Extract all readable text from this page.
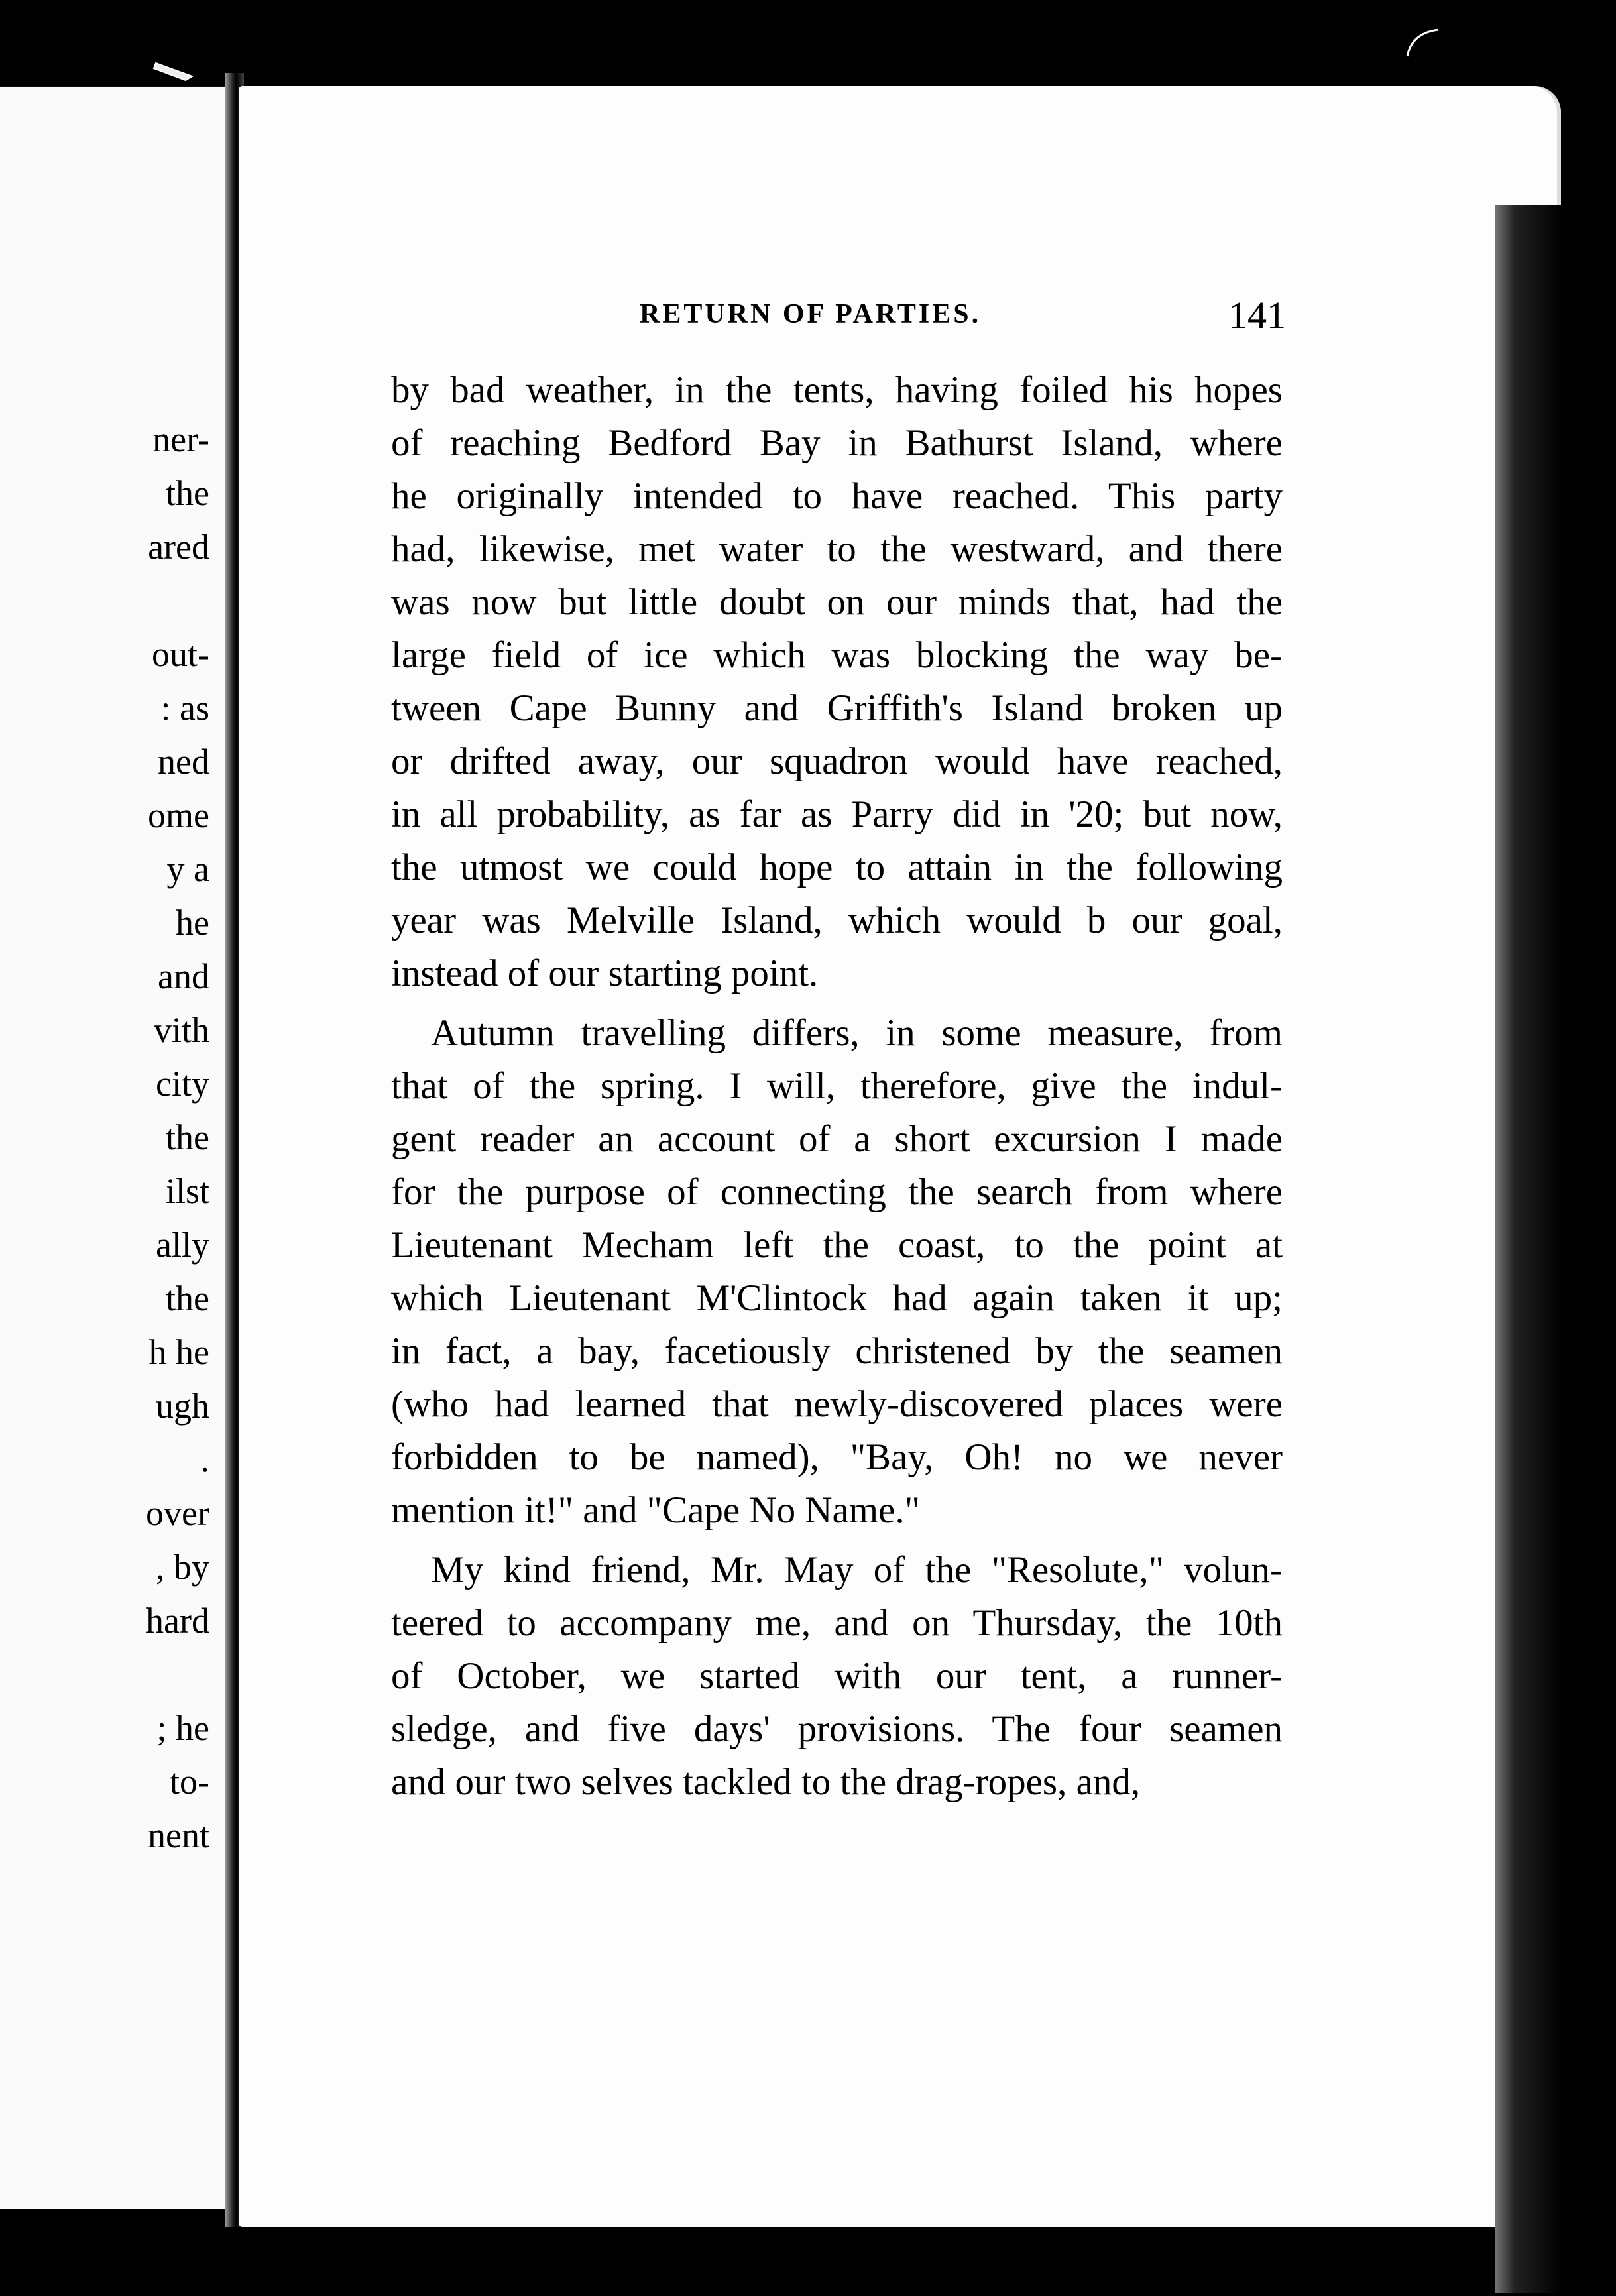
ner-
the
ared
out-
: as
ned
ome
y a
he
and
vith
city
the
ilst
ally
the
h he
ugh
.
over
, by
hard
; he
to-
nent
RETURN OF PARTIES.	141
by bad weather, in the tents, having foiled his hopes
of reaching Bedford Bay in Bathurst Island, where
he originally intended to have reached. This party
had, likewise, met water to the westward, and there
was now but little doubt on our minds that, had the
large field of ice which was blocking the way be-
tween Cape Bunny and Griffith's Island broken up
or drifted away, our squadron would have reached,
in all probability, as far as Parry did in '20; but now,
the utmost we could hope to attain in the following
year was Melville Island, which would b our goal,
instead of our starting point.
Autumn travelling differs, in some measure, from
that of the spring. I will, therefore, give the indul-
gent reader an account of a short excursion I made
for the purpose of connecting the search from where
Lieutenant Mecham left the coast, to the point at
which Lieutenant M'Clintock had again taken it up;
in fact, a bay, facetiously christened by the seamen
(who had learned that newly-discovered places were
forbidden to be named), "Bay, Oh! no we never
mention it!" and "Cape No Name."
My kind friend, Mr. May of the "Resolute," volun-
teered to accompany me, and on Thursday, the 10th
of October, we started with our tent, a runner-
sledge, and five days' provisions. The four seamen
and our two selves tackled to the drag-ropes, and,
